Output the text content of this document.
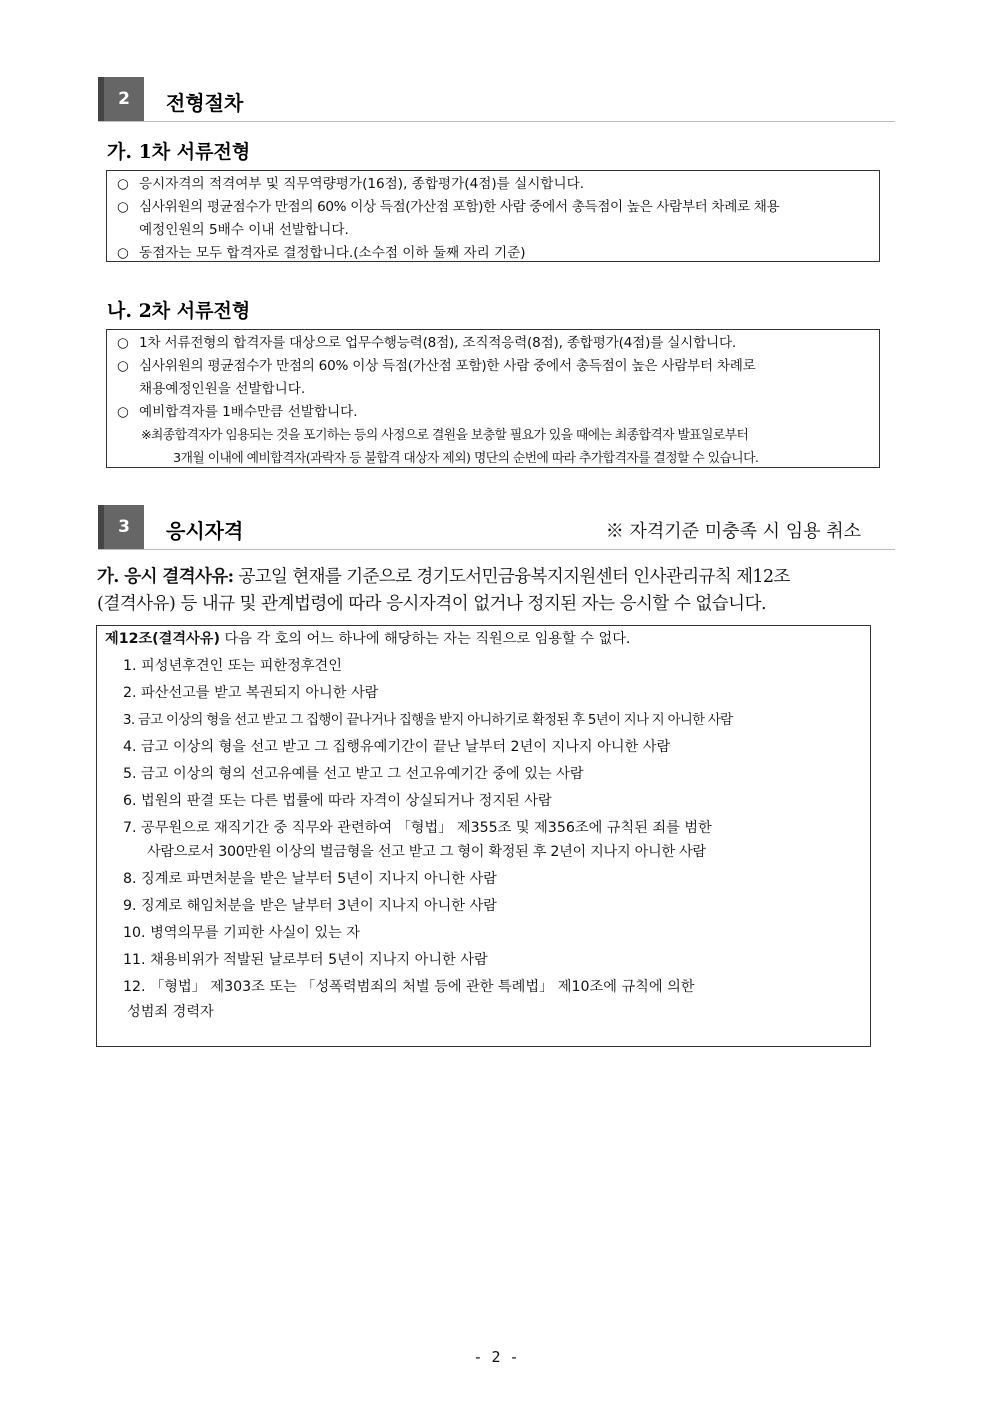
2	전형절차
가. 1차 서류전형
○ 응시자격의 적격여부 및 직무역량평가(16점), 종합평가(4점)를 실시합니다.
○ 심사위원의 평균점수가 만점의 60% 이상 득점(가산점 포함)한 사람 중에서 총득점이 높은 사람부터 차례로 채용
예정인원의 5배수 이내 선발합니다.
○ 동점자는 모두 합격자로 결정합니다.(소수점 이하 둘째 자리 기준)
나. 2차 서류전형
○ 1차 서류전형의 합격자를 대상으로 업무수행능력(8점), 조직적응력(8점), 종합평가(4점)를 실시합니다.
○ 심사위원의 평균점수가 만점의 60% 이상 득점(가산점 포함)한 사람 중에서 총득점이 높은 사람부터 차례로
채용예정인원을 선발합니다.
○ 예비합격자를 1배수만큼 선발합니다.
※ 최종합격자가 임용되는 것을 포기하는 등의 사정으로 결원을 보충할 필요가 있을 때에는 최종합격자 발표일로부터
3개월 이내에 예비합격자(과락자 등 불합격 대상자 제외) 명단의 순번에 따라 추가합격자를 결정할 수 있습니다.
3	응시자격	※ 자격기준 미충족 시 임용 취소
가. 응시 결격사유: 공고일 현재를 기준으로 경기도서민금융복지지원센터 인사관리규칙 제12조
(결격사유) 등 내규 및 관계법령에 따라 응시자격이 없거나 정지된 자는 응시할 수 없습니다.
제12조(결격사유) 다음 각 호의 어느 하나에 해당하는 자는 직원으로 임용할 수 없다.
1. 피성년후견인 또는 피한정후견인
2. 파산선고를 받고 복권되지 아니한 사람
3. 금고 이상의 형을 선고 받고 그 집행이 끝나거나 집행을 받지 아니하기로 확정된 후 5년이 지나 지 아니한 사람
4. 금고 이상의 형을 선고 받고 그 집행유예기간이 끝난 날부터 2년이 지나지 아니한 사람
5. 금고 이상의 형의 선고유예를 선고 받고 그 선고유예기간 중에 있는 사람
6. 법원의 판결 또는 다른 법률에 따라 자격이 상실되거나 정지된 사람
7. 공무원으로 재직기간 중 직무와 관련하여 「형법」 제355조 및 제356조에 규칙된 죄를 범한
사람으로서 300만원 이상의 벌금형을 선고 받고 그 형이 확정된 후 2년이 지나지 아니한 사람
8. 징계로 파면처분을 받은 날부터 5년이 지나지 아니한 사람
9. 징계로 해임처분을 받은 날부터 3년이 지나지 아니한 사람
10. 병역의무를 기피한 사실이 있는 자
11. 채용비위가 적발된 날로부터 5년이 지나지 아니한 사람
12. 「형법」 제303조 또는 「성폭력범죄의 처벌 등에 관한 특례법」 제10조에 규칙에 의한
성범죄 경력자
- 2 -
